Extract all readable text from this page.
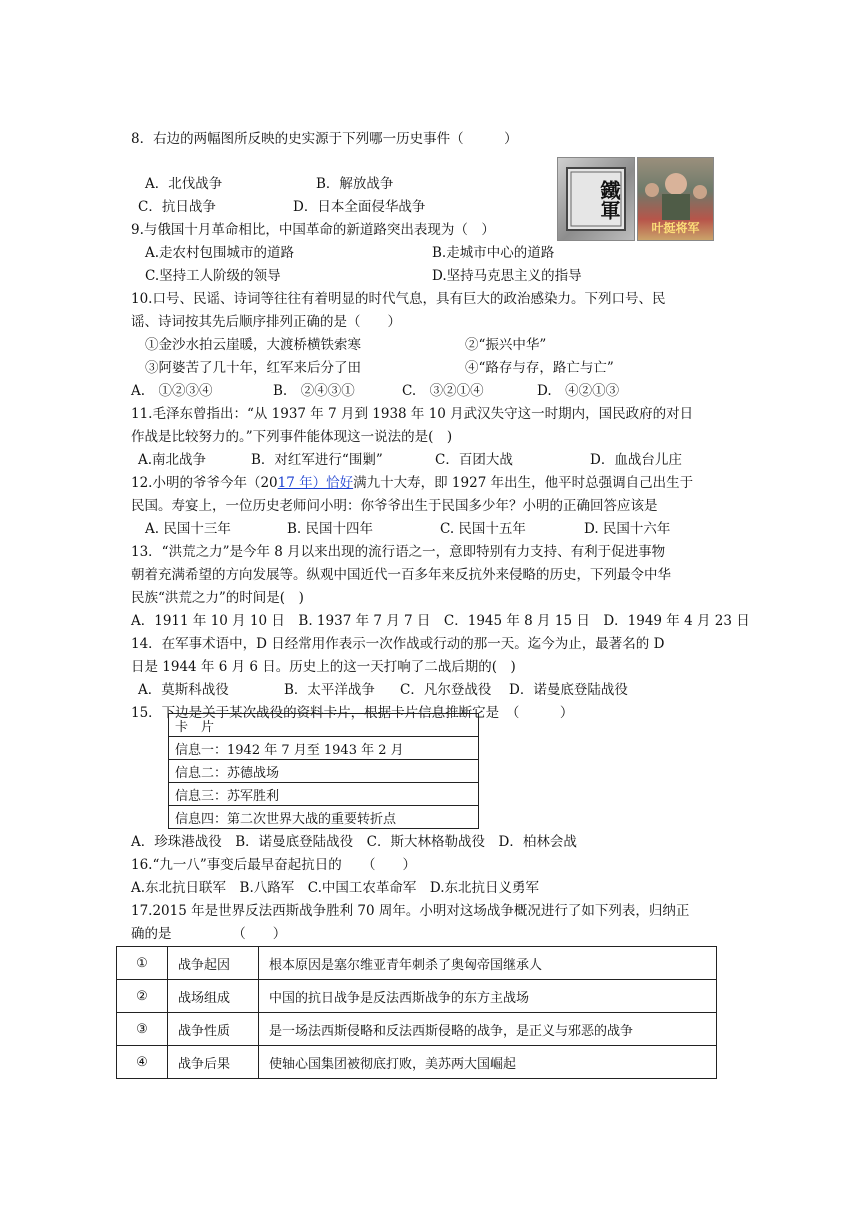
8．右边的两幅图所反映的史实源于下列哪一历史事件（　　　）
A．北伐战争	B．解放战争
C．抗日战争	D．日本全面侵华战争	鐵軍
叶挺将军
9.与俄国十月革命相比，中国革命的新道路突出表现为（　）
A.走农村包围城市的道路	B.走城市中心的道路
C.坚持工人阶级的领导	D.坚持马克思主义的指导
10.口号、民谣、诗词等往往有着明显的时代气息，具有巨大的政治感染力。下列口号、民
谣、诗词按其先后顺序排列正确的是（　　）
①金沙水拍云崖暖，大渡桥横铁索寒	②“振兴中华”
③阿婆苦了几十年，红军来后分了田	④“路存与存，路亡与亡”
A.　①②③④	B.　②④③①	C.　③②①④	D.　④②①③
11.毛泽东曾指出：“从 1937 年 7 月到 1938 年 10 月武汉失守这一时期内，国民政府的对日
作战是比较努力的。”下列事件能体现这一说法的是(　)
A.南北战争	B．对红军进行“围剿”	C．百团大战	D．血战台儿庄
12.小明的爷爷今年（2017 年）恰好满九十大寿，即 1927 年出生，他平时总强调自己出生于
民国。寿宴上，一位历史老师问小明：你爷爷出生于民国多少年？小明的正确回答应该是
A. 民国十三年	B. 民国十四年	C. 民国十五年	D. 民国十六年
13．“洪荒之力”是今年 8 月以来出现的流行语之一，意即特别有力支持、有利于促进事物
朝着充满希望的方向发展等。纵观中国近代一百多年来反抗外来侵略的历史，下列最令中华
民族“洪荒之力”的时间是(　)
A．1911 年 10 月 10 日　B. 1937 年 7 月 7 日　C．1945 年 8 月 15 日　D．1949 年 4 月 23 日
14．在军事术语中，D 日经常用作表示一次作战或行动的那一天。迄今为止，最著名的 D
日是 1944 年 6 月 6 日。历史上的这一天打响了二战后期的(　)
A．莫斯科战役	B．太平洋战争 C．凡尔登战役 D．诺曼底登陆战役
15．下边是关于某次战役的资料卡片，根据卡片信息推断它是　（　　　）
卡　片
信息一：1942 年 7 月至 1943 年 2 月
信息二：苏德战场
信息三：苏军胜利
信息四：第二次世界大战的重要转折点
A．珍珠港战役　B．诺曼底登陆战役　C．斯大林格勒战役　D．柏林会战
16.“九一八”事变后最早奋起抗日的　　（　　）
A.东北抗日联军　B.八路军　C.中国工农革命军　D.东北抗日义勇军
17.2015 年是世界反法西斯战争胜利 70 周年。小明对这场战争概况进行了如下列表，归纳正
确的是　　　　　（　　）
①	战争起因	根本原因是塞尔维亚青年刺杀了奥匈帝国继承人
②	战场组成	中国的抗日战争是反法西斯战争的东方主战场
③	战争性质	是一场法西斯侵略和反法西斯侵略的战争，是正义与邪恶的战争
④	战争后果	使轴心国集团被彻底打败，美苏两大国崛起
